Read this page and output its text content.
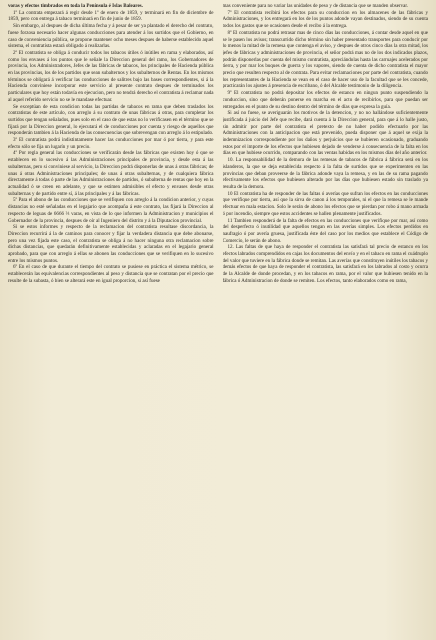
voras y efectos timbrados en toda la Península é Islas Baleares.

1º La contrata empezará á regir desde 1º de enero de 1859, y terminará en fin de diciembre de 1859, pero con entrega á tabaco terminará en fin de junio de 1859.

Sin embargo, al despues de dicha última fecha y á pesar de ser ya plantado el derecho del contrato, fuese forzosa necesario hacer algunas conducciones para atender á los surtidos que el Gobierno, en caso de conveniencia pública, se propone mantener ocho meses despues de haberse establecido aquel sistema, el contratista estará obligado á realizarlas.

2º El contratista se obliga á conducir todos los tabacos útiles ó inútiles en rama y elaborados, así como los envases á los puntos que le señale la Direccion general del ramo, los Gobernadores de provincia, los Administradores, Jefes de las fábricas de tabacos, los principales de Hacienda pública en las provincias, los de los partidos que sean subalternos y los subalternos de Rentas. En los mismos términos se obligará á verificar las conducciones de salitres bajo las bases correspondientes, si á la Hacienda conviniese incorporar este servicio al presente contrato despues de terminados los particulares que hoy están todavía en ejecucion, pero no tendrá derecho el contratista á reclamar nada al aquel referido servicio no se le mandase efectuar.

Se exceptúan de esta condicion todas las partidas de tabacos en rama que deben traslados los contratistas de este artículo, con arreglo á su contrato de unas fábricas á otras, para completar los surtidos que tengan señalados, pues solo en el caso de que estas no lo verificasen en el término que se fijará por la Direccion general, lo ejecutará el de conducciones por cuenta y riesgo de aquellos que responderán tambien á la Hacienda de las consecuencias que sobrevengan con arreglo á lo estipulado.

3º El contratista podrá indistintamente hacer las conducciones por mar ó por tierra, y para este efecto sólo se fija un lugarín y un precio.

4º Por regla general las conducciones se verificarán desde las fábricas que existen hoy ó que se establecen en lo sucesivo á las Administraciones principales de provincia, y desde esta á las subalternas, pero si conviniese al servicio, la Direccion podrá disponerlas de unas á otras fábricas; de unas á otras Administraciones principales; de unas á otras subalternas, y de cualquiera fábrica directamente á todas ó parte de las Administraciones de partidos, ó subalterna de rentas que hoy en la actualidad ó se creen en adelante, y que se estimen admisibles el efecto y envases desde otras subalternas y de partido entre sí, á las principales y á las fábricas.

5º Para el abono de las conducciones que se verifiquen con arreglo á la condicion anterior, y cuyas distancias no esté señaladas en el legajario que acompaña á este contrato, las fijará la Direccion al respecto de leguas de 6666 ⅔ varas, en vista de lo que informen la Administracion y municipios el Gobernador de la provincia, despues de oír al Ingeniero del distrito y á la Diputacion provincial.

Si se estos informes y respecto de la reclamacion del contratista resultase discordancia, la Direccion recurrirá á la de caminos para conocer y fijar la verdadera distancia que debe abonarse, pero una vez fijada este caso, el contratista se obliga á no hacer ninguna otra reclamacion sobre dichas distancias, que quedarán definitivamente establecidas y aclaradas en el legajario general aprobado, para que con arreglo á ellas se abonen las conducciones que se verifiquen en lo sucesivo entre los mismos puntos.

6º En el caso de que durante el tiempo del contrato se pusiese en práctica el sistema métrico, se establecerán las equivalencias correspondientes al peso y distancia que se contratan por el precio que resulte de la subasta, ó bien se alterará este en igual proporcion, si así fuese

mas conveniente para no variar las unidades de peso y de distancia que se manden observar.

7º El contratista recibirá los efectos para su conduccion en los almacenes de las fábricas y Administraciones, y los entregará en los de los puntos adonde vayan destinados, siendo de su cuenta todos los gastos que se ocasionen desde el recibo á la entrega.

8º El contratista no podrá retrasar mas de cinco días las conducciones, á contar desde aquel en que se le pasen los avisos; transcurrido dicho término sin haber presentado transportes para conducir por lo menos la mitad de la remesa que contenga el aviso, y despues de otros cinco días la otra mitad, los jefes de fábricas y administraciones de provincia, el señor podrá mas no de los dos indicados plazos, podrán disponerlas por cuenta del mismo contratista, apreciándolas hasta las carruajes acelerados por tierra, y por mar los buques de guerra y los vapores, siendo de cuenta de dicho contratista el mayor precio que resulten respecto al de contrata. Para evitar reclamaciones por parte del contratista, cuando los representantes de la Hacienda se vean en el caso de hacer uso de la facultad que se les concede, practicarán los ajustes á presencia de escribano, ó del Alcalde testimonio de la diligencia.

9º El contratista no podrá depositar los efectos de estanco en ningun punto suspendiendo la conduccion, sino que deberán ponerse en marcha en el acto de recibirlos, para que puedan ser entregados en el punto de su destino dentro del término de días que expresa la guía.

Si así no fuese, se averiguarán los motivos de la detencion, y no no hallándose suficientemente justificada á juicio del Jefe que recibe, dará cuenta á la Direccion general, para que á lo halle justo, sin admitir por parte del contratista el pretexto de no haber podido efectuarlo por las Administraciones con la anticipacion que está prevenido, pueda disponer que á aquel se exija la indemnizacion correspondiente por los daños y perjuicios que se hubieren ocasionado, graduando estos por el importe de los efectos que hubiesen dejado de venderse á consecuencia de la falta en los días en que hubiese ocurrido, comparando con las ventas habidas en los mismos días del año anterior.

10. La responsabilidad de la demora de las remesas de tabacos de fábrica á fábrica será en los islanderos, la que se deja establecida respecto á la falta de surtidos que se experimenten en las provincias que deban proveerse de la fábrica adonde vaya la remesa, y en las de su rama pagando efectivamente los efectos que hubiesen alterado por las días que hubiesen estado sin traslado ya resulta de la demora.

10 El contratista ha de responder de las faltas ó averías que sufran los efectos en las conducciones que verifique por tierra, así que la sirva de canon á los temporales, ni el que la remesa se le mande efectuar en mala estacion. Solo le serán de abono los efectos que se pierdan por robo á mano armada ó por incendio, siempre que estos accidentes se hallen plenamente justificados.

11 Tambien responderá de la falta de efectos en las conducciones que verifique por mar, así como del desperfecto ó inutilidad que aquellos tengan en las averías simples. Los efectos perdidos en naufragio ó por avería gruesa, justificada éste del caso por los medios que establece el Código de Comercio, le serán de abono.

12. Las faltas de que haya de responder el contratista las satisfará tal precio de estanco en los efectos labrados comprendidos en cajas los documentos del envío y en el tabaco en rama el cuádruplo del valor que tuviere en la fábrica donde se remitan. Las averías que constituyen inútiles los tabacos y demás efectos de que haya de responder el contratista, las satisfará en los labrados al costo y ocurra de la Alcalde de donde procedan, y en los tabacos en rama, por el valor que hubiesen tenido en la fábrica ó Administracion de donde se remiten. Los efectos, tanto elaborados como en rama,
